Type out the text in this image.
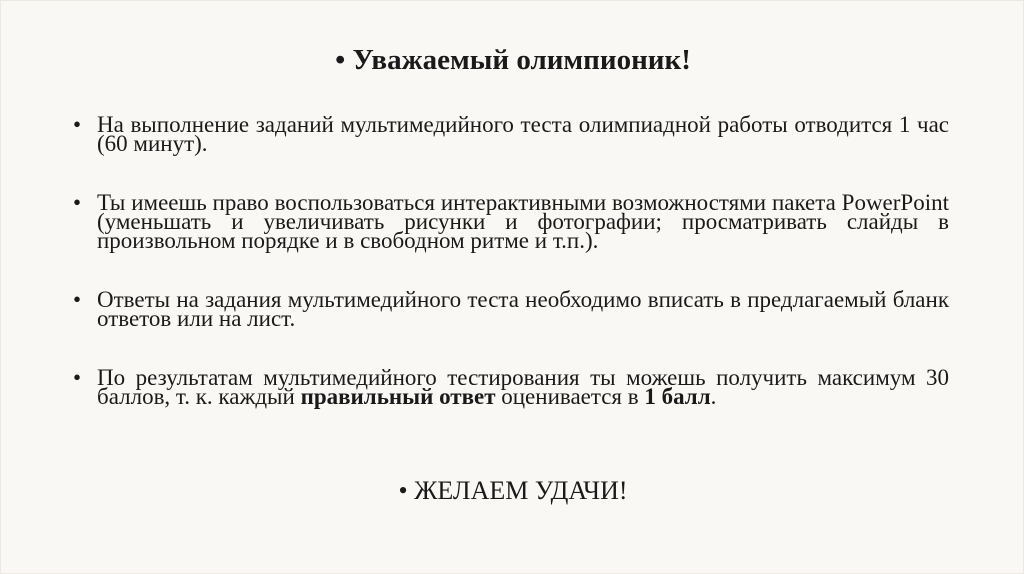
• Уважаемый олимпионик!
• На выполнение заданий мультимедийного теста олимпиадной работы отводится 1 час (60 минут).
• Ты имеешь право воспользоваться интерактивными возможностями пакета PowerPoint (уменьшать и увеличивать рисунки и фотографии; просматривать слайды в произвольном порядке и в свободном ритме и т.п.).
• Ответы на задания мультимедийного теста необходимо вписать в предлагаемый бланк ответов или на лист.
• По результатам мультимедийного тестирования ты можешь получить максимум 30 баллов, т. к. каждый правильный ответ оценивается в 1 балл.
• ЖЕЛАЕМ УДАЧИ!
